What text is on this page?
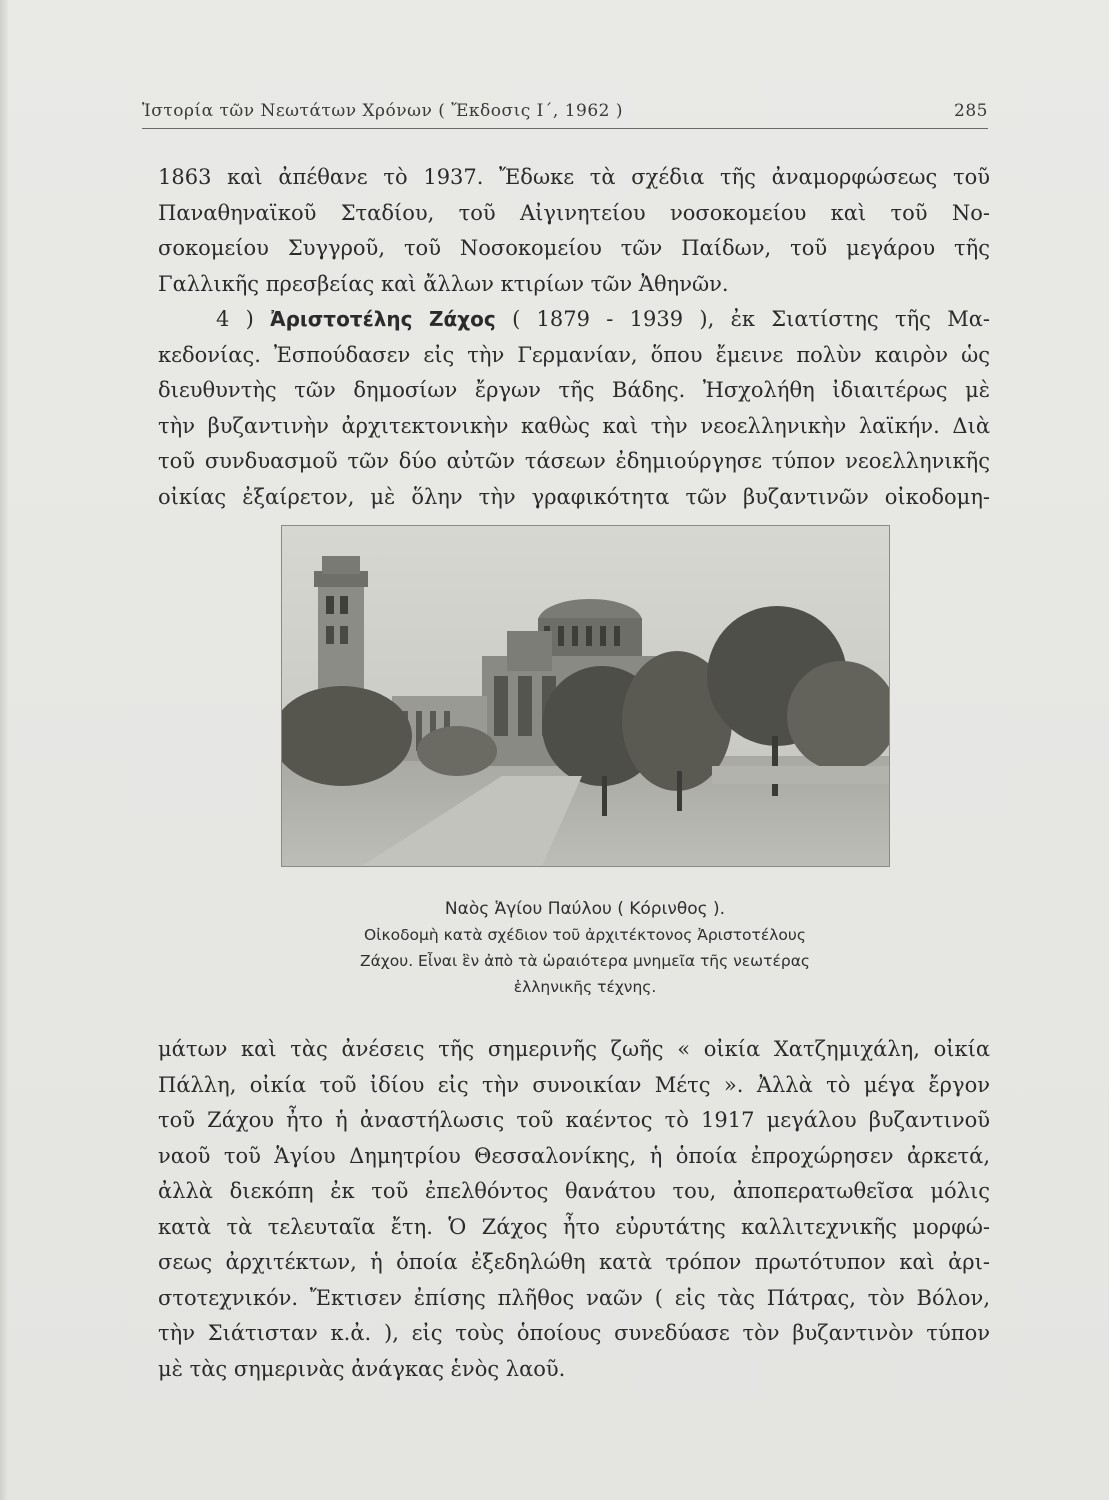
Ἱστορία τῶν Νεωτάτων Χρόνων ( Ἔκδοσις Ι΄, 1962 )	285
1863 καὶ ἀπέθανε τὸ 1937. Ἔδωκε τὰ σχέδια τῆς ἀναμορφώσεως τοῦ
Παναθηναϊκοῦ Σταδίου, τοῦ Αἰγινητείου νοσοκομείου καὶ τοῦ Νο-
σοκομείου Συγγροῦ, τοῦ Νοσοκομείου τῶν Παίδων, τοῦ μεγάρου τῆς
Γαλλικῆς πρεσβείας καὶ ἄλλων κτιρίων τῶν Ἀθηνῶν.
4 ) Ἀριστοτέλης Ζάχος ( 1879 - 1939 ), ἐκ Σιατίστης τῆς Μα-
κεδονίας. Ἐσπούδασεν εἰς τὴν Γερμανίαν, ὅπου ἔμεινε πολὺν καιρὸν ὡς
διευθυντὴς τῶν δημοσίων ἔργων τῆς Βάδης. Ἠσχολήθη ἰδιαιτέρως μὲ
τὴν βυζαντινὴν ἀρχιτεκτονικὴν καθὼς καὶ τὴν νεοελληνικὴν λαϊκήν. Διὰ
τοῦ συνδυασμοῦ τῶν δύο αὐτῶν τάσεων ἐδημιούργησε τύπον νεοελληνικῆς
οἰκίας ἐξαίρετον, μὲ ὅλην τὴν γραφικότητα τῶν βυζαντινῶν οἰκοδομη-
Ναὸς Ἁγίου Παύλου ( Κόρινθος ).
Οἰκοδομὴ κατὰ σχέδιον τοῦ ἀρχιτέκτονος Ἀριστοτέλους
Ζάχου. Εἶναι ἓν ἀπὸ τὰ ὡραιότερα μνημεῖα τῆς νεωτέρας
ἑλληνικῆς τέχνης.
μάτων καὶ τὰς ἀνέσεις τῆς σημερινῆς ζωῆς « οἰκία Χατζημιχάλη, οἰκία
Πάλλη, οἰκία τοῦ ἰδίου εἰς τὴν συνοικίαν Μέτς ». Ἀλλὰ τὸ μέγα ἔργον
τοῦ Ζάχου ἦτο ἡ ἀναστήλωσις τοῦ καέντος τὸ 1917 μεγάλου βυζαντινοῦ
ναοῦ τοῦ Ἁγίου Δημητρίου Θεσσαλονίκης, ἡ ὁποία ἐπροχώρησεν ἀρκετά,
ἀλλὰ διεκόπη ἐκ τοῦ ἐπελθόντος θανάτου του, ἀποπερατωθεῖσα μόλις
κατὰ τὰ τελευταῖα ἔτη. Ὁ Ζάχος ἦτο εὐρυτάτης καλλιτεχνικῆς μορφώ-
σεως ἀρχιτέκτων, ἡ ὁποία ἐξεδηλώθη κατὰ τρόπον πρωτότυπον καὶ ἀρι-
στοτεχνικόν. Ἔκτισεν ἐπίσης πλῆθος ναῶν ( εἰς τὰς Πάτρας, τὸν Βόλον,
τὴν Σιάτισταν κ.ἀ. ), εἰς τοὺς ὁποίους συνεδύασε τὸν βυζαντινὸν τύπον
μὲ τὰς σημερινὰς ἀνάγκας ἑνὸς λαοῦ.
